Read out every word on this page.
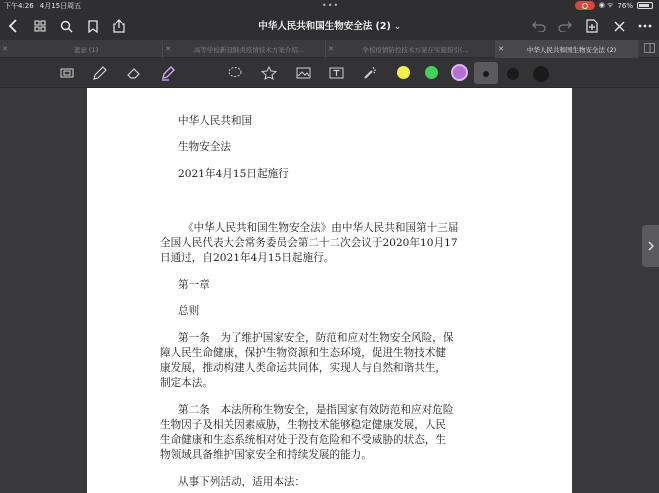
下午4:26 4月15日周五	•••	◉ ᯤ 76%
中华人民共和国生物安全法 (2) ⌄
✕	遮意 (1)	✕	高等学校新冠肺炎疫情技术方案介绍...	✕	学校疫情防控技术方案在实施指引(...	✕	中华人民共和国生物安全法 (2)

中华人民共和国

生物安全法

2021年4月15日起施行

《中华人民共和国生物安全法》由中华人民共和国第十三届

全国人民代表大会常务委员会第二十二次会议于2020年10月17

日通过，自2021年4月15日起施行。

第一章

总则

第一条　为了维护国家安全，防范和应对生物安全风险，保

障人民生命健康，保护生物资源和生态环境，促进生物技术健

康发展，推动构建人类命运共同体，实现人与自然和谐共生，

制定本法。

第二条　本法所称生物安全，是指国家有效防范和应对危险

生物因子及相关因素威胁，生物技术能够稳定健康发展，人民

生命健康和生态系统相对处于没有危险和不受威胁的状态，生

物领域具备维护国家安全和持续发展的能力。

从事下列活动，适用本法：
